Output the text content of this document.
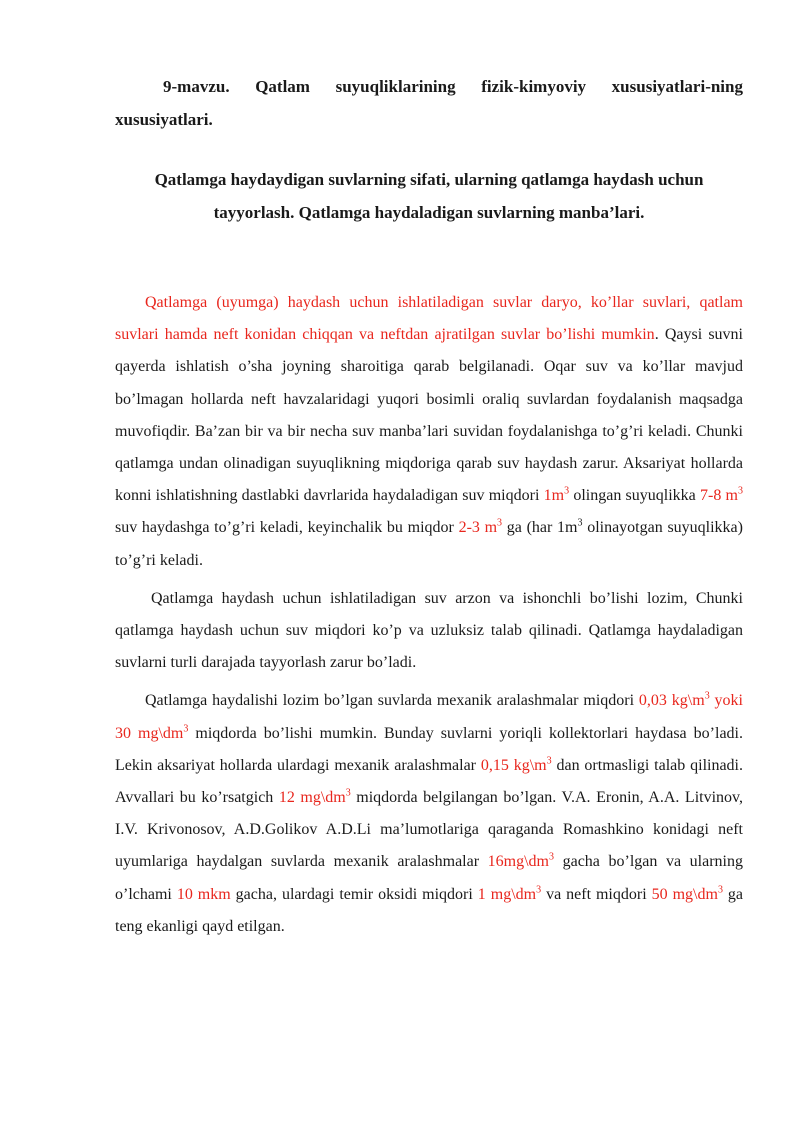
9-mavzu. Qatlam suyuqliklarining fizik-kimyoviy xususiyatlari-ning xususiyatlari.

Qatlamga haydaydigan suvlarning sifati, ularning qatlamga haydash uchun tayyorlash. Qatlamga haydaladigan suvlarning manba’lari.

Qatlamga (uyumga) haydash uchun ishlatiladigan suvlar daryo, ko’llar suvlari, qatlam suvlari hamda neft konidan chiqqan va neftdan ajratilgan suvlar bo’lishi mumkin. Qaysi suvni qayerda ishlatish o’sha joyning sharoitiga qarab belgilanadi. Oqar suv va ko’llar mavjud bo’lmagan hollarda neft havzalaridagi yuqori bosimli oraliq suvlardan foydalanish maqsadga muvofiqdir. Ba’zan bir va bir necha suv manba’lari suvidan foydalanishga to’g’ri keladi. Chunki qatlamga undan olinadigan suyuqlikning miqdoriga qarab suv haydash zarur. Aksariyat hollarda konni ishlatishning dastlabki davrlarida haydaladigan suv miqdori $1m^3$ olingan suyuqlikka 7-8 $m^3$ suv haydashga to’g’ri keladi, keyinchalik bu miqdor 2-3 $m^3$ ga (har $1m^3$ olinayotgan suyuqlikka) to’g’ri keladi.

Qatlamga haydash uchun ishlatiladigan suv arzon va ishonchli bo’lishi lozim, Chunki qatlamga haydash uchun suv miqdori ko’p va uzluksiz talab qilinadi. Qatlamga haydaladigan suvlarni turli darajada tayyorlash zarur bo’ladi.

Qatlamga haydalishi lozim bo’lgan suvlarda mexanik aralashmalar miqdori 0,03 $kg\backslash m^3$ yoki 30 $mg\backslash dm^3$ miqdorda bo’lishi mumkin. Bunday suvlarni yoriqli kollektorlari haydasa bo’ladi. Lekin aksariyat hollarda ulardagi mexanik aralashmalar 0,15 $kg\backslash m^3$ dan ortmasligi talab qilinadi. Avvallari bu ko’rsatgich 12 $mg\backslash dm^3$ miqdorda belgilangan bo’lgan. V.A. Eronin, A.A. Litvinov, I.V. Krivonosov, A.D.Golikov A.D.Li ma’lumotlariga qaraganda Romashkino konidagi neft uyumlariga haydalgan suvlarda mexanik aralashmalar $16mg\backslash dm^3$ gacha bo’lgan va ularning o’lchami 10 mkm gacha, ulardagi temir oksidi miqdori 1 $mg\backslash dm^3$ va neft miqdori 50 $mg\backslash dm^3$ ga teng ekanligi qayd etilgan.
